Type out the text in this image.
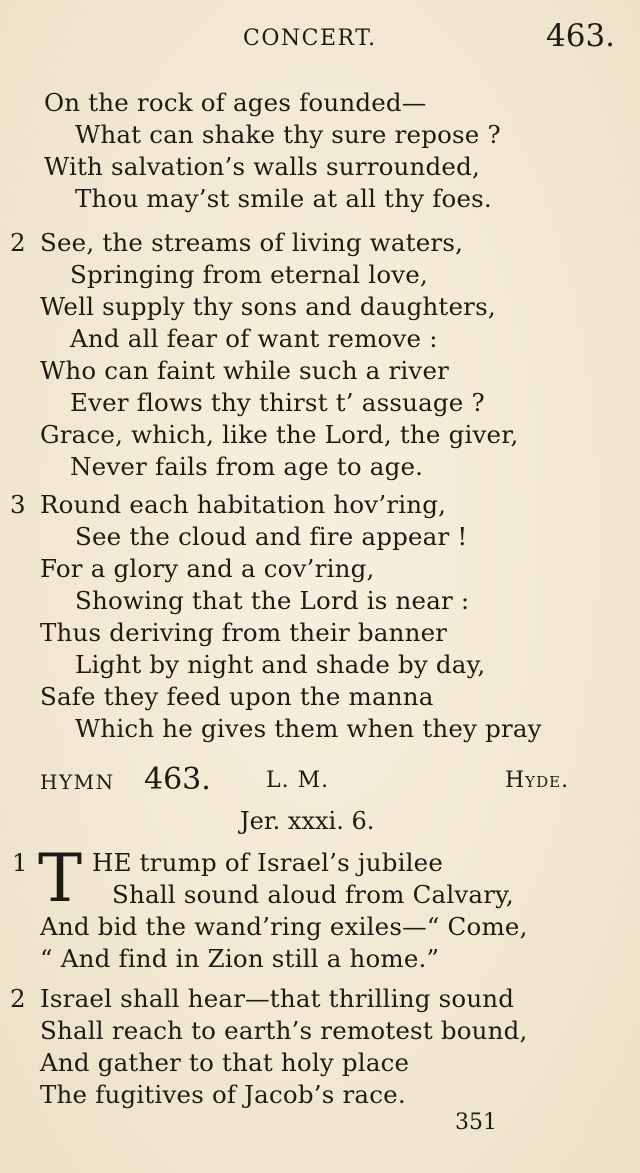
CONCERT.	463.
On the rock of ages founded—
What can shake thy sure repose ?
With salvation’s walls surrounded,
Thou may’st smile at all thy foes.
2 See, the streams of living waters,
Springing from eternal love,
Well supply thy sons and daughters,
And all fear of want remove :
Who can faint while such a river
Ever flows thy thirst t’ assuage ?
Grace, which, like the Lord, the giver,
Never fails from age to age.
3 Round each habitation hov’ring,
See the cloud and fire appear !
For a glory and a cov’ring,
Showing that the Lord is near :
Thus deriving from their banner
Light by night and shade by day,
Safe they feed upon the manna
Which he gives them when they pray
HYMN 463.	L. M.	Hyde.
Jer. xxxi. 6.
1 T HE trump of Israel’s jubilee
Shall sound aloud from Calvary,
And bid the wand’ring exiles—“ Come,
“ And find in Zion still a home.”
2 Israel shall hear—that thrilling sound
Shall reach to earth’s remotest bound,
And gather to that holy place
The fugitives of Jacob’s race.
351
